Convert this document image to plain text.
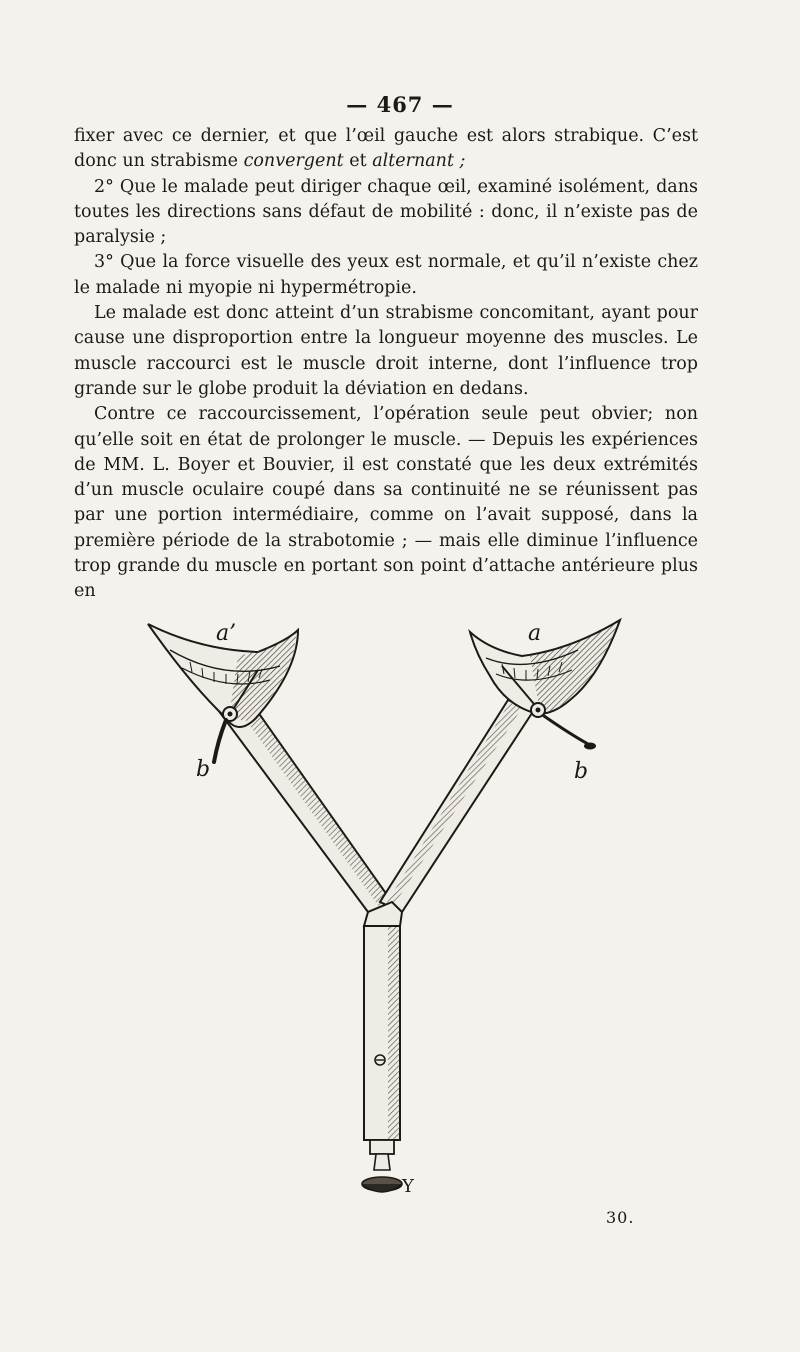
— 467 —

fixer avec ce dernier, et que l’œil gauche est alors strabique. C’est donc un strabisme convergent et alternant ;

2° Que le malade peut diriger chaque œil, examiné isolément, dans toutes les directions sans défaut de mobilité : donc, il n’existe pas de paralysie ;

3° Que la force visuelle des yeux est normale, et qu’il n’existe chez le malade ni myopie ni hypermétropie.

Le malade est donc atteint d’un strabisme concomitant, ayant pour cause une disproportion entre la longueur moyenne des muscles. Le muscle raccourci est le muscle droit interne, dont l’influence trop grande sur le globe produit la déviation en dedans.

Contre ce raccourcissement, l’opération seule peut obvier; non qu’elle soit en état de prolonger le muscle. — Depuis les expériences de MM. L. Boyer et Bouvier, il est constaté que les deux extrémités d’un muscle oculaire coupé dans sa continuité ne se réunissent pas par une portion intermédiaire, comme on l’avait supposé, dans la première période de la strabotomie ; — mais elle diminue l’influence trop grande du muscle en portant son point d’attache antérieure plus en

a’	a
b	b
Y
30.
